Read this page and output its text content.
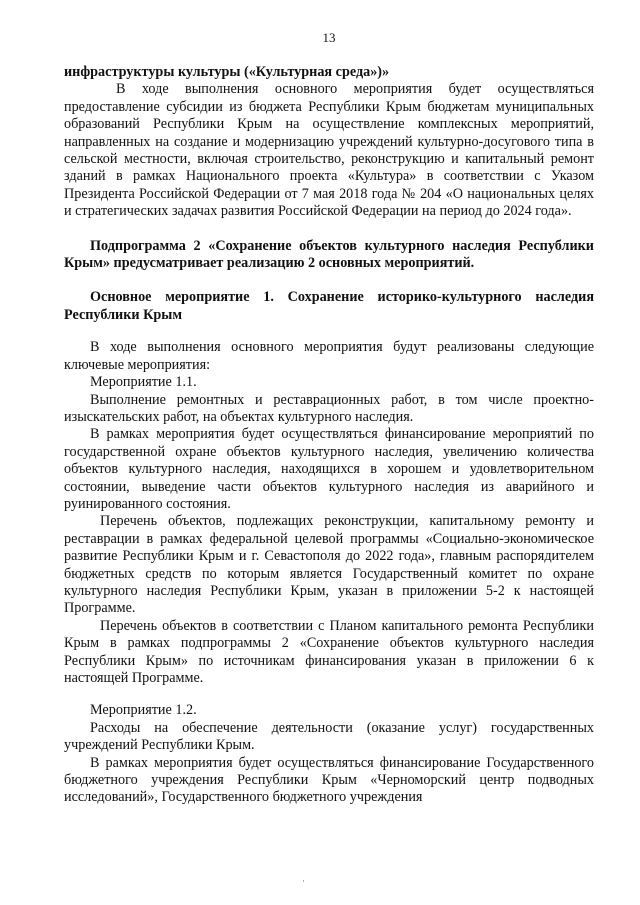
13

инфраструктуры культуры («Культурная среда»)»

В ходе выполнения основного мероприятия будет осуществляться предоставление субсидии из бюджета Республики Крым бюджетам муниципальных образований Республики Крым на осуществление комплексных мероприятий, направленных на создание и модернизацию учреждений культурно-досугового типа в сельской местности, включая строительство, реконструкцию и капитальный ремонт зданий в рамках Национального проекта «Культура» в соответствии с Указом Президента Российской Федерации от 7 мая 2018 года № 204 «О национальных целях и стратегических задачах развития Российской Федерации на период до 2024 года».

Подпрограмма 2 «Сохранение объектов культурного наследия Республики Крым» предусматривает реализацию 2 основных мероприятий.

Основное мероприятие 1. Сохранение историко-культурного наследия Республики Крым

В ходе выполнения основного мероприятия будут реализованы следующие ключевые мероприятия:

Мероприятие 1.1.

Выполнение ремонтных и реставрационных работ, в том числе проектно-изыскательских работ, на объектах культурного наследия.

В рамках мероприятия будет осуществляться финансирование мероприятий по государственной охране объектов культурного наследия, увеличению количества объектов культурного наследия, находящихся в хорошем и удовлетворительном состоянии, выведение части объектов культурного наследия из аварийного и руинированного состояния.

Перечень объектов, подлежащих реконструкции, капитальному ремонту и реставрации в рамках федеральной целевой программы «Социально-экономическое развитие Республики Крым и г. Севастополя до 2022 года», главным распорядителем бюджетных средств по которым является Государственный комитет по охране культурного наследия Республики Крым, указан в приложении 5-2 к настоящей Программе.

Перечень объектов в соответствии с Планом капитального ремонта Республики Крым в рамках подпрограммы 2 «Сохранение объектов культурного наследия Республики Крым» по источникам финансирования указан в приложении 6 к настоящей Программе.

Мероприятие 1.2.

Расходы на обеспечение деятельности (оказание услуг) государственных учреждений Республики Крым.

В рамках мероприятия будет осуществляться финансирование Государственного бюджетного учреждения Республики Крым «Черноморский центр подводных исследований», Государственного бюджетного учреждения

·
